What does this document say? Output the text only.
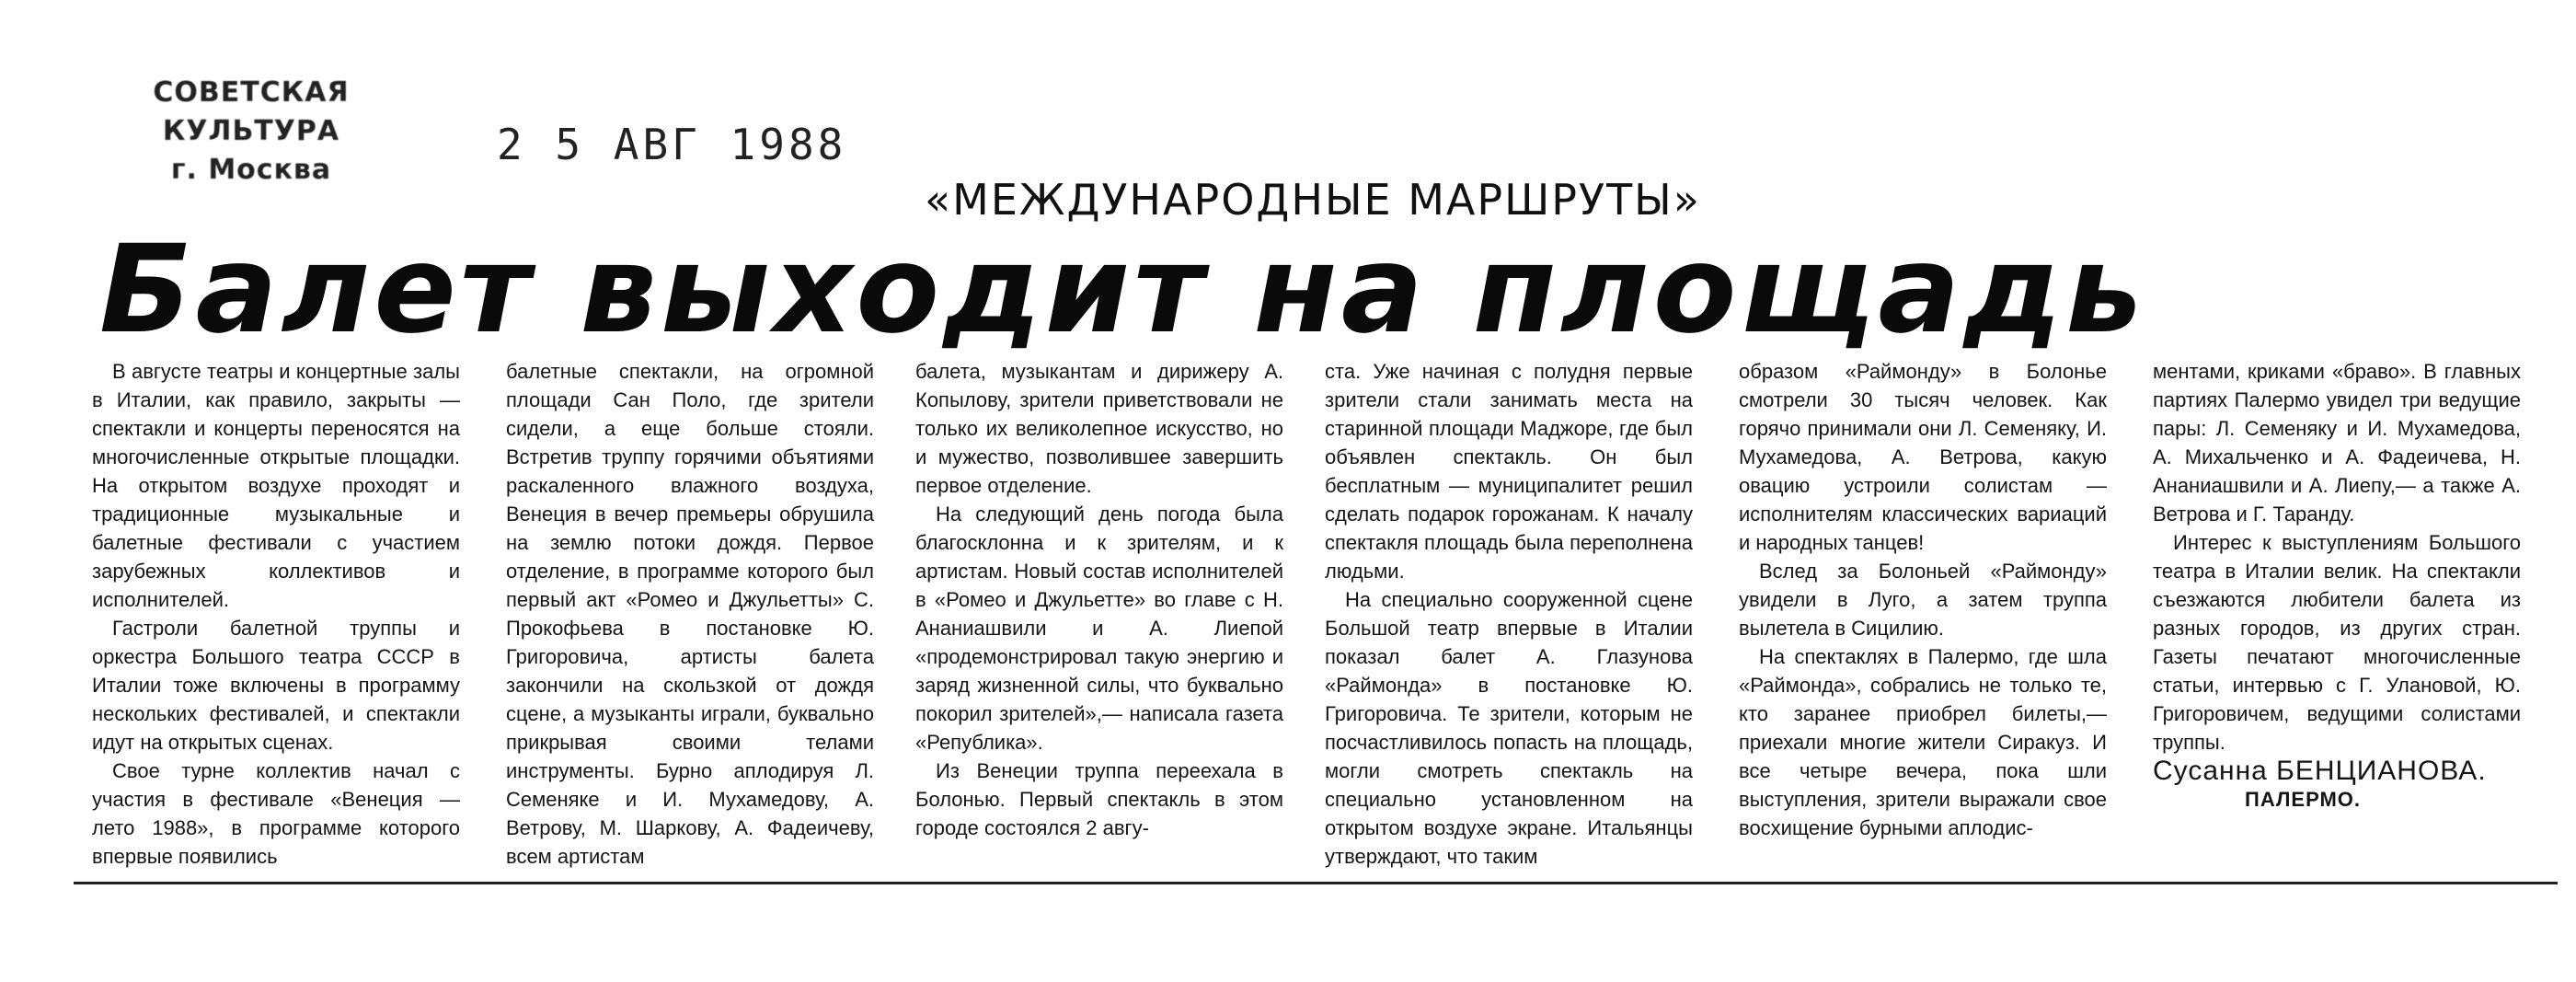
СОВЕТСКАЯ КУЛЬТУРА
г. Москва
2 5 АВГ 1988
«МЕЖДУНАРОДНЫЕ МАРШРУТЫ»
Балет выходит на площадь

В августе театры и концертные залы в Италии, как правило, закрыты — спектакли и концерты переносятся на многочисленные открытые площадки. На открытом воздухе проходят и традиционные музыкальные и балетные фестивали с участием зарубежных коллективов и исполнителей.

Гастроли балетной труппы и оркестра Большого театра СССР в Италии тоже включены в программу нескольких фестивалей, и спектакли идут на открытых сценах.

Свое турне коллектив начал с участия в фестивале «Венеция — лето 1988», в программе которого впервые появились

балетные спектакли, на огромной площади Сан Поло, где зрители сидели, а еще больше стояли. Встретив труппу горячими объятиями раскаленного влажного воздуха, Венеция в вечер премьеры обрушила на землю потоки дождя. Первое отделение, в программе которого был первый акт «Ромео и Джульетты» С. Прокофьева в постановке Ю. Григоровича, артисты балета закончили на скользкой от дождя сцене, а музыканты играли, буквально прикрывая своими телами инструменты. Бурно аплодируя Л. Семеняке и И. Мухамедову, А. Ветрову, М. Шаркову, А. Фадеичеву, всем артистам

балета, музыкантам и дирижеру А. Копылову, зрители приветствовали не только их великолепное искусство, но и мужество, позволившее завершить первое отделение.

На следующий день погода была благосклонна и к зрителям, и к артистам. Новый состав исполнителей в «Ромео и Джульетте» во главе с Н. Ананиашвили и А. Лиепой «продемонстрировал такую энергию и заряд жизненной силы, что буквально покорил зрителей»,— написала газета «Република».

Из Венеции труппа переехала в Болонью. Первый спектакль в этом городе состоялся 2 авгу-

ста. Уже начиная с полудня первые зрители стали занимать места на старинной площади Маджоре, где был объявлен спектакль. Он был бесплатным — муниципалитет решил сделать подарок горожанам. К началу спектакля площадь была переполнена людьми.

На специально сооруженной сцене Большой театр впервые в Италии показал балет А. Глазунова «Раймонда» в постановке Ю. Григоровича. Те зрители, которым не посчастливилось попасть на площадь, могли смотреть спектакль на специально установленном на открытом воздухе экране. Итальянцы утверждают, что таким

образом «Раймонду» в Болонье смотрели 30 тысяч человек. Как горячо принимали они Л. Семеняку, И. Мухамедова, А. Ветрова, какую овацию устроили солистам — исполнителям классических вариаций и народных танцев!

Вслед за Болоньей «Раймонду» увидели в Луго, а затем труппа вылетела в Сицилию.

На спектаклях в Палермо, где шла «Раймонда», собрались не только те, кто заранее приобрел билеты,— приехали многие жители Сиракуз. И все четыре вечера, пока шли выступления, зрители выражали свое восхищение бурными аплодис-

ментами, криками «браво». В главных партиях Палермо увидел три ведущие пары: Л. Семеняку и И. Мухамедова, А. Михальченко и А. Фадеичева, Н. Ананиашвили и А. Лиепу,— а также А. Ветрова и Г. Таранду.

Интерес к выступлениям Большого театра в Италии велик. На спектакли съезжаются любители балета из разных городов, из других стран. Газеты печатают многочисленные статьи, интервью с Г. Улановой, Ю. Григоровичем, ведущими солистами труппы.

Сусанна БЕНЦИАНОВА.

ПАЛЕРМО.
